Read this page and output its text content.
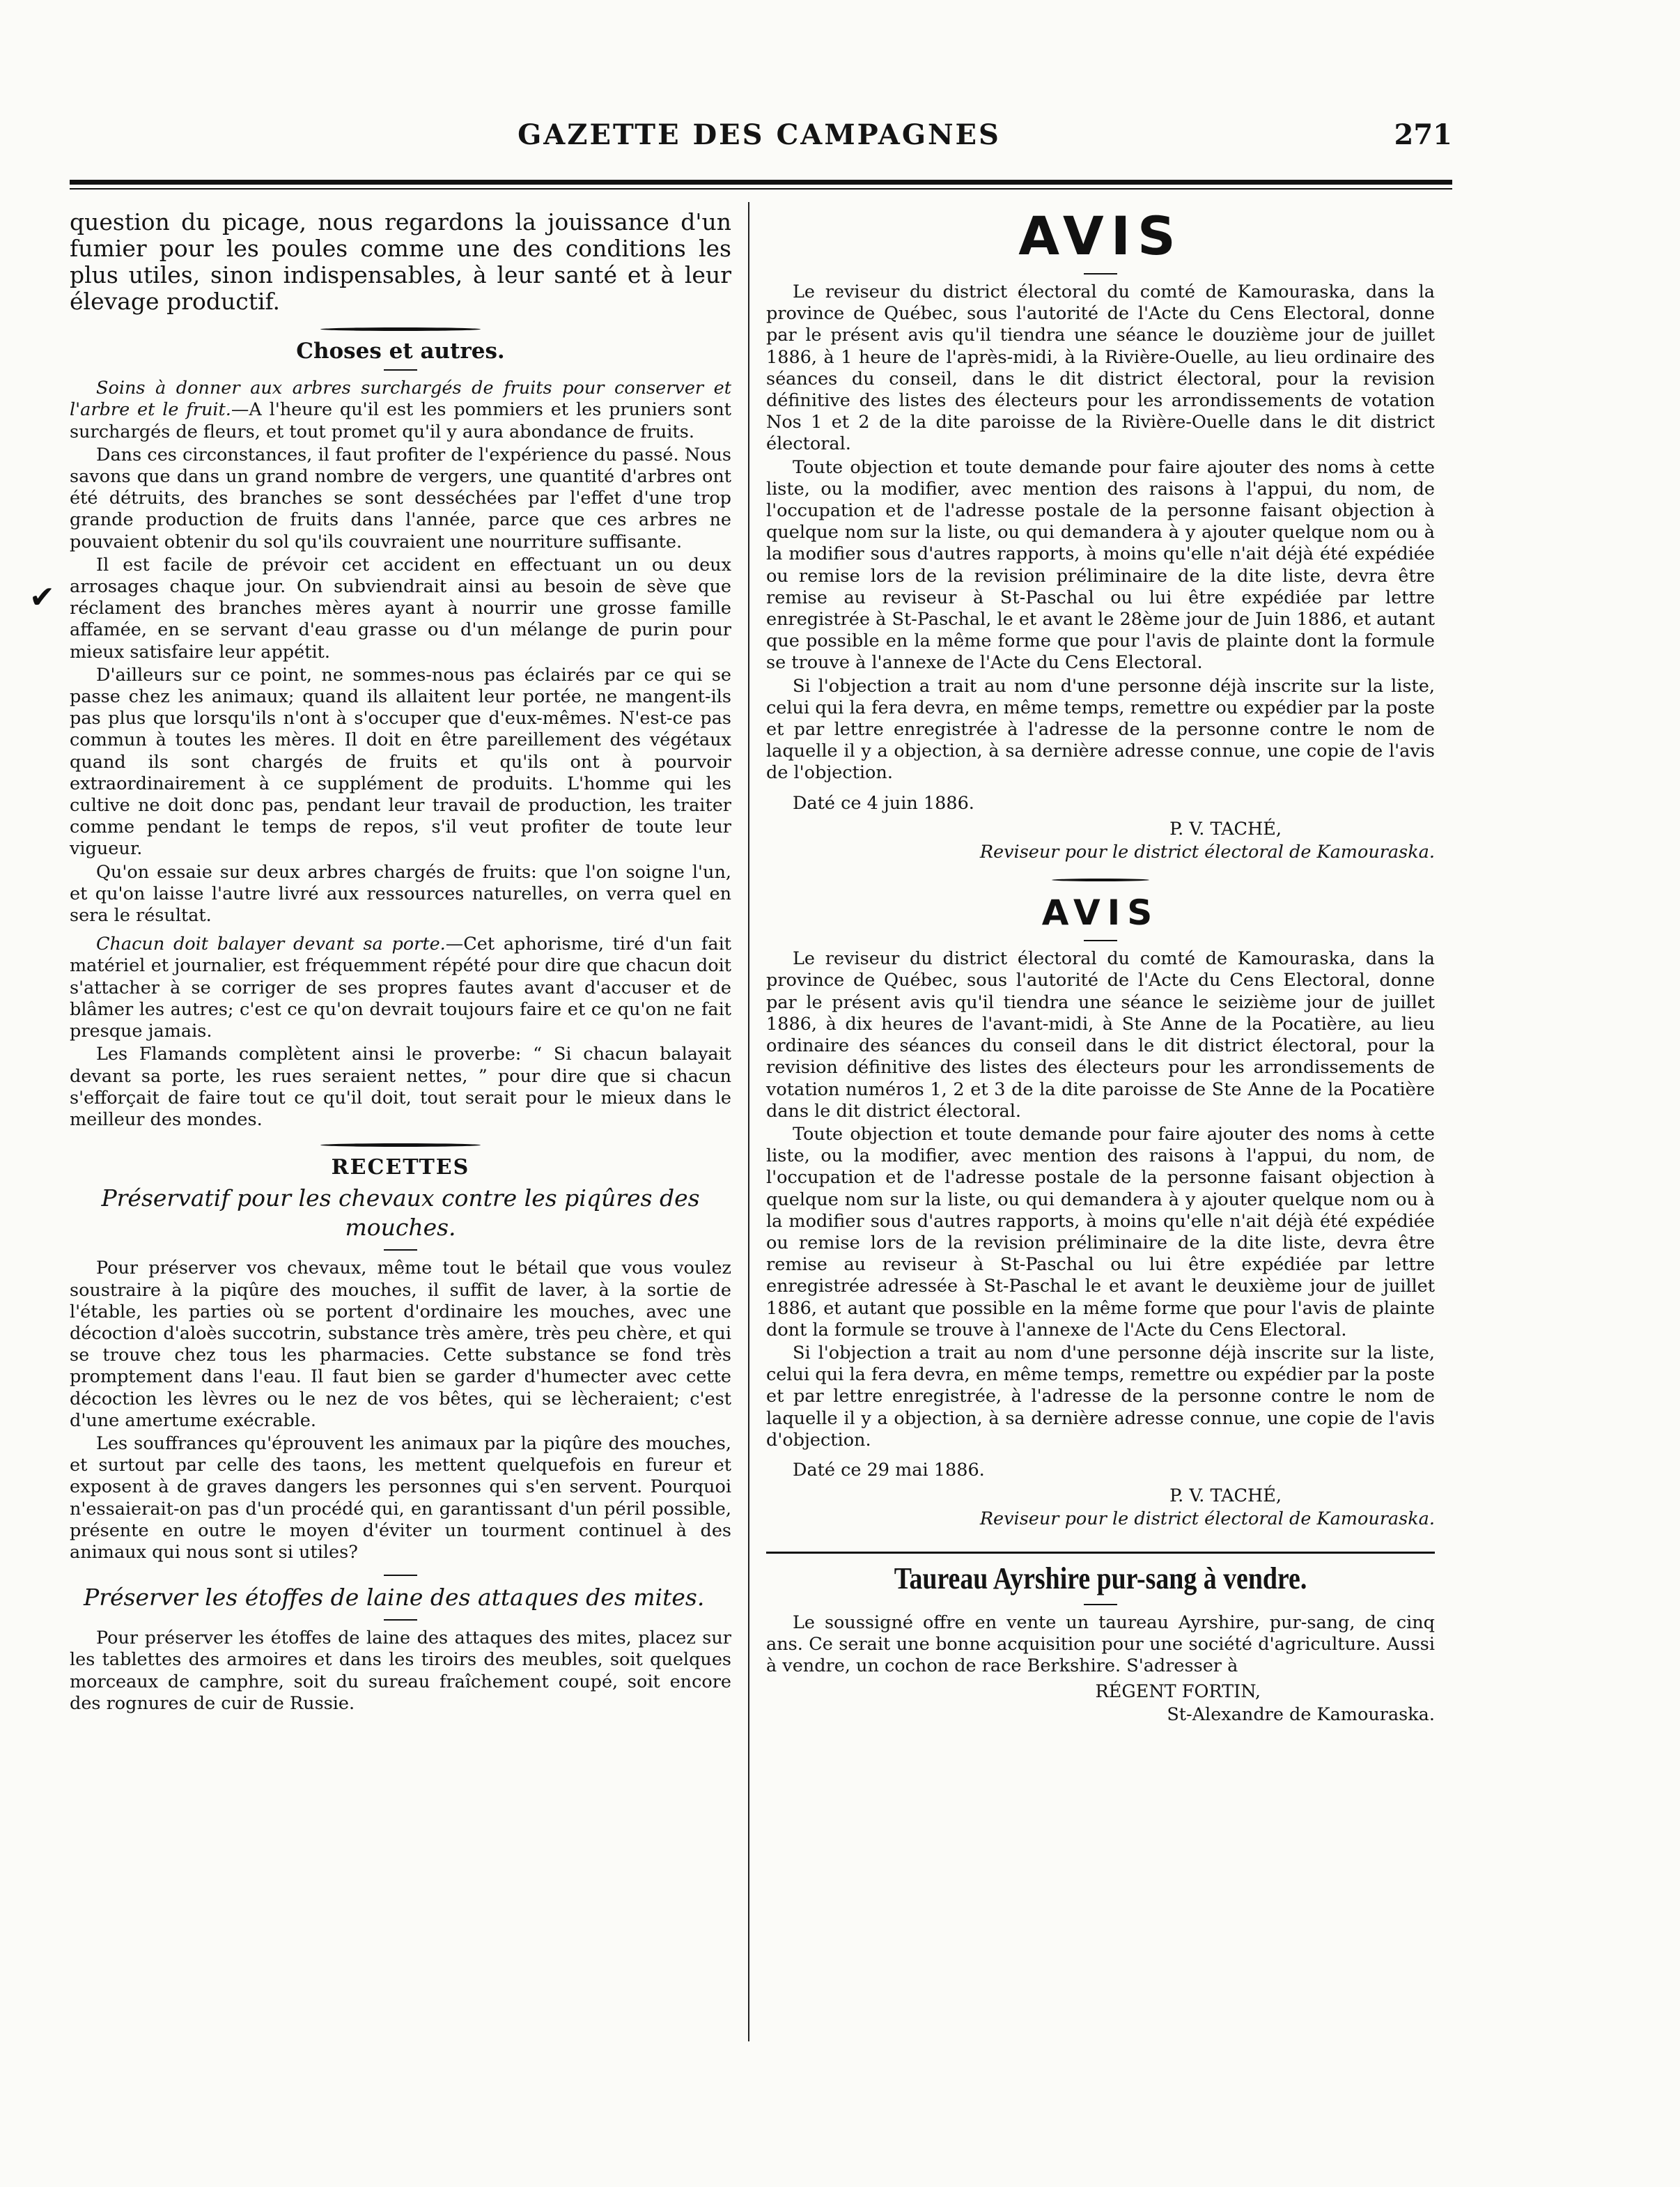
GAZETTE DES CAMPAGNES	271
✔

question du picage, nous regardons la jouissance d'un fumier pour les poules comme une des conditions les plus utiles, sinon indispensables, à leur santé et à leur élevage productif.

Choses et autres.

Soins à donner aux arbres surchargés de fruits pour conserver et l'arbre et le fruit.—A l'heure qu'il est les pommiers et les pruniers sont surchargés de fleurs, et tout promet qu'il y aura abondance de fruits.

Dans ces circonstances, il faut profiter de l'expérience du passé. Nous savons que dans un grand nombre de vergers, une quantité d'arbres ont été détruits, des branches se sont desséchées par l'effet d'une trop grande production de fruits dans l'année, parce que ces arbres ne pouvaient obtenir du sol qu'ils couvraient une nourriture suffisante.

Il est facile de prévoir cet accident en effectuant un ou deux arrosages chaque jour. On subviendrait ainsi au besoin de sève que réclament des branches mères ayant à nourrir une grosse famille affamée, en se servant d'eau grasse ou d'un mélange de purin pour mieux satisfaire leur appétit.

D'ailleurs sur ce point, ne sommes-nous pas éclairés par ce qui se passe chez les animaux; quand ils allaitent leur portée, ne mangent-ils pas plus que lorsqu'ils n'ont à s'occuper que d'eux-mêmes. N'est-ce pas commun à toutes les mères. Il doit en être pareillement des végétaux quand ils sont chargés de fruits et qu'ils ont à pourvoir extraordinairement à ce supplément de produits. L'homme qui les cultive ne doit donc pas, pendant leur travail de production, les traiter comme pendant le temps de repos, s'il veut profiter de toute leur vigueur.

Qu'on essaie sur deux arbres chargés de fruits: que l'on soigne l'un, et qu'on laisse l'autre livré aux ressources naturelles, on verra quel en sera le résultat.

Chacun doit balayer devant sa porte.—Cet aphorisme, tiré d'un fait matériel et journalier, est fréquemment répété pour dire que chacun doit s'attacher à se corriger de ses propres fautes avant d'accuser et de blâmer les autres; c'est ce qu'on devrait toujours faire et ce qu'on ne fait presque jamais.

Les Flamands complètent ainsi le proverbe: “ Si chacun balayait devant sa porte, les rues seraient nettes, ” pour dire que si chacun s'efforçait de faire tout ce qu'il doit, tout serait pour le mieux dans le meilleur des mondes.

RECETTES
Préservatif pour les chevaux contre les piqûres des mouches.

Pour préserver vos chevaux, même tout le bétail que vous voulez soustraire à la piqûre des mouches, il suffit de laver, à la sortie de l'étable, les parties où se portent d'ordinaire les mouches, avec une décoction d'aloès succotrin, substance très amère, très peu chère, et qui se trouve chez tous les pharmacies. Cette substance se fond très promptement dans l'eau. Il faut bien se garder d'humecter avec cette décoction les lèvres ou le nez de vos bêtes, qui se lècheraient; c'est d'une amertume exécrable.

Les souffrances qu'éprouvent les animaux par la piqûre des mouches, et surtout par celle des taons, les mettent quelquefois en fureur et exposent à de graves dangers les personnes qui s'en servent. Pourquoi n'essaierait-on pas d'un procédé qui, en garantissant d'un péril possible, présente en outre le moyen d'éviter un tourment continuel à des animaux qui nous sont si utiles?

Préserver les étoffes de laine des attaques des mites.

Pour préserver les étoffes de laine des attaques des mites, placez sur les tablettes des armoires et dans les tiroirs des meubles, soit quelques morceaux de camphre, soit du sureau fraîchement coupé, soit encore des rognures de cuir de Russie.

AVIS

Le reviseur du district électoral du comté de Kamouraska, dans la province de Québec, sous l'autorité de l'Acte du Cens Electoral, donne par le présent avis qu'il tiendra une séance le douzième jour de juillet 1886, à 1 heure de l'après-midi, à la Rivière-Ouelle, au lieu ordinaire des séances du conseil, dans le dit district électoral, pour la revision définitive des listes des électeurs pour les arrondissements de votation Nos 1 et 2 de la dite paroisse de la Rivière-Ouelle dans le dit district électoral.

Toute objection et toute demande pour faire ajouter des noms à cette liste, ou la modifier, avec mention des raisons à l'appui, du nom, de l'occupation et de l'adresse postale de la personne faisant objection à quelque nom sur la liste, ou qui demandera à y ajouter quelque nom ou à la modifier sous d'autres rapports, à moins qu'elle n'ait déjà été expédiée ou remise lors de la revision préliminaire de la dite liste, devra être remise au reviseur à St-Paschal ou lui être expédiée par lettre enregistrée à St-Paschal, le et avant le 28ème jour de Juin 1886, et autant que possible en la même forme que pour l'avis de plainte dont la formule se trouve à l'annexe de l'Acte du Cens Electoral.

Si l'objection a trait au nom d'une personne déjà inscrite sur la liste, celui qui la fera devra, en même temps, remettre ou expédier par la poste et par lettre enregistrée à l'adresse de la personne contre le nom de laquelle il y a objection, à sa dernière adresse connue, une copie de l'avis de l'objection.

Daté ce 4 juin 1886.

P. V. TACHÉ,

Reviseur pour le district électoral de Kamouraska.

AVIS

Le reviseur du district électoral du comté de Kamouraska, dans la province de Québec, sous l'autorité de l'Acte du Cens Electoral, donne par le présent avis qu'il tiendra une séance le seizième jour de juillet 1886, à dix heures de l'avant-midi, à Ste Anne de la Pocatière, au lieu ordinaire des séances du conseil dans le dit district électoral, pour la revision définitive des listes des électeurs pour les arrondissements de votation numéros 1, 2 et 3 de la dite paroisse de Ste Anne de la Pocatière dans le dit district électoral.

Toute objection et toute demande pour faire ajouter des noms à cette liste, ou la modifier, avec mention des raisons à l'appui, du nom, de l'occupation et de l'adresse postale de la personne faisant objection à quelque nom sur la liste, ou qui demandera à y ajouter quelque nom ou à la modifier sous d'autres rapports, à moins qu'elle n'ait déjà été expédiée ou remise lors de la revision préliminaire de la dite liste, devra être remise au reviseur à St-Paschal ou lui être expédiée par lettre enregistrée adressée à St-Paschal le et avant le deuxième jour de juillet 1886, et autant que possible en la même forme que pour l'avis de plainte dont la formule se trouve à l'annexe de l'Acte du Cens Electoral.

Si l'objection a trait au nom d'une personne déjà inscrite sur la liste, celui qui la fera devra, en même temps, remettre ou expédier par la poste et par lettre enregistrée, à l'adresse de la personne contre le nom de laquelle il y a objection, à sa dernière adresse connue, une copie de l'avis d'objection.

Daté ce 29 mai 1886.

P. V. TACHÉ,

Reviseur pour le district électoral de Kamouraska.

Taureau Ayrshire pur-sang à vendre.

Le soussigné offre en vente un taureau Ayrshire, pur-sang, de cinq ans. Ce serait une bonne acquisition pour une société d'agriculture. Aussi à vendre, un cochon de race Berkshire. S'adresser à

RÉGENT FORTIN,

St-Alexandre de Kamouraska.
